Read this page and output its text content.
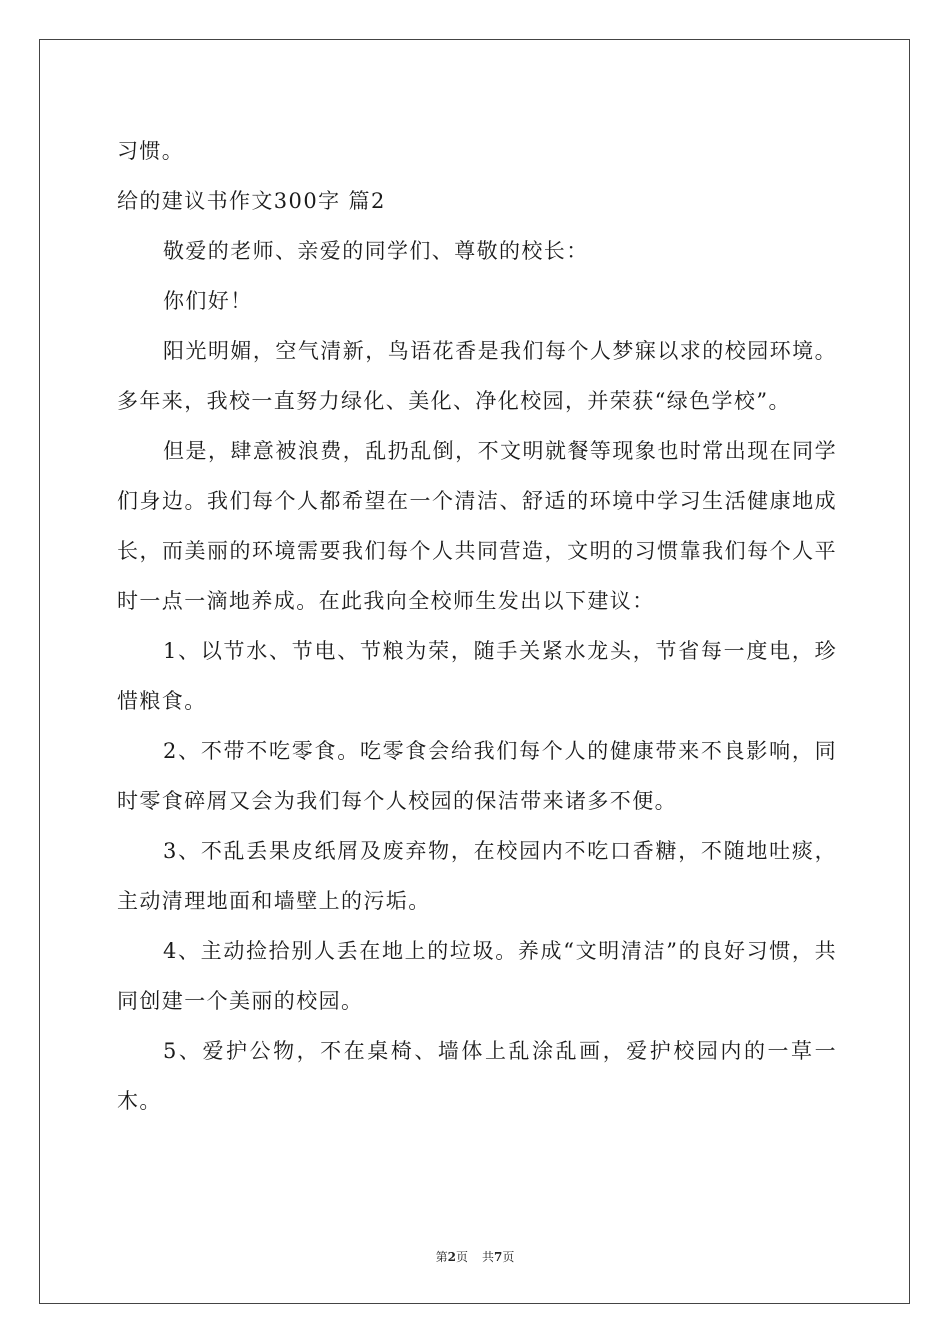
习惯。

给的建议书作文300字 篇2

敬爱的老师、亲爱的同学们、尊敬的校长：

你们好！

阳光明媚，空气清新，鸟语花香是我们每个人梦寐以求的校园环境。多年来，我校一直努力绿化、美化、净化校园，并荣获“绿色学校”。

但是，肆意被浪费，乱扔乱倒，不文明就餐等现象也时常出现在同学们身边。我们每个人都希望在一个清洁、舒适的环境中学习生活健康地成长，而美丽的环境需要我们每个人共同营造，文明的习惯靠我们每个人平时一点一滴地养成。在此我向全校师生发出以下建议：

1、以节水、节电、节粮为荣，随手关紧水龙头，节省每一度电，珍惜粮食。

2、不带不吃零食。吃零食会给我们每个人的健康带来不良影响，同时零食碎屑又会为我们每个人校园的保洁带来诸多不便。

3、不乱丢果皮纸屑及废弃物，在校园内不吃口香糖，不随地吐痰，主动清理地面和墙壁上的污垢。

4、主动捡拾别人丢在地上的垃圾。养成“文明清洁”的良好习惯，共同创建一个美丽的校园。

5、爱护公物，不在桌椅、墙体上乱涂乱画，爱护校园内的一草一木。

第2页 共7页
